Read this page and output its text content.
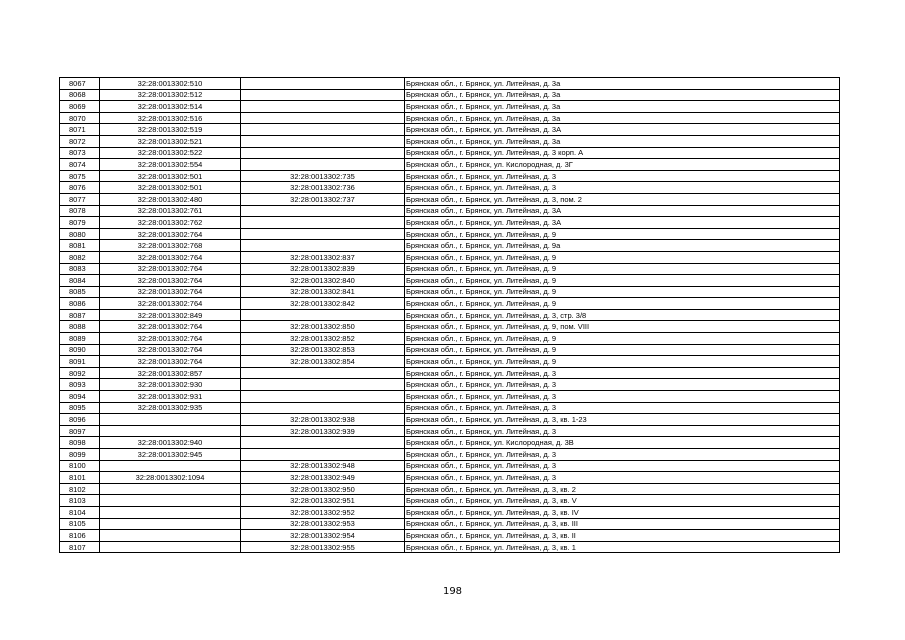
8067	32:28:0013302:510		Брянская обл., г. Брянск, ул. Литейная, д. 3а
8068	32:28:0013302:512		Брянская обл., г. Брянск, ул. Литейная, д. 3а
8069	32:28:0013302:514		Брянская обл., г. Брянск, ул. Литейная, д. 3а
8070	32:28:0013302:516		Брянская обл., г. Брянск, ул. Литейная, д. 3а
8071	32:28:0013302:519		Брянская обл., г. Брянск, ул. Литейная, д. 3А
8072	32:28:0013302:521		Брянская обл., г. Брянск, ул. Литейная, д. 3а
8073	32:28:0013302:522		Брянская обл., г. Брянск, ул. Литейная, д. 3 корп. А
8074	32:28:0013302:554		Брянская обл., г. Брянск, ул. Кислородная, д. 3Г
8075	32:28:0013302:501	32:28:0013302:735	Брянская обл., г. Брянск, ул. Литейная, д. 3
8076	32:28:0013302:501	32:28:0013302:736	Брянская обл., г. Брянск, ул. Литейная, д. 3
8077	32:28:0013302:480	32:28:0013302:737	Брянская обл., г. Брянск, ул. Литейная, д. 3, пом. 2
8078	32:28:0013302:761		Брянская обл., г. Брянск, ул. Литейная, д. 3А
8079	32:28:0013302:762		Брянская обл., г. Брянск, ул. Литейная, д. 3А
8080	32:28:0013302:764		Брянская обл., г. Брянск, ул. Литейная, д. 9
8081	32:28:0013302:768		Брянская обл., г. Брянск, ул. Литейная, д. 9а
8082	32:28:0013302:764	32:28:0013302:837	Брянская обл., г. Брянск, ул. Литейная, д. 9
8083	32:28:0013302:764	32:28:0013302:839	Брянская обл., г. Брянск, ул. Литейная, д. 9
8084	32:28:0013302:764	32:28:0013302:840	Брянская обл., г. Брянск, ул. Литейная, д. 9
8085	32:28:0013302:764	32:28:0013302:841	Брянская обл., г. Брянск, ул. Литейная, д. 9
8086	32:28:0013302:764	32:28:0013302:842	Брянская обл., г. Брянск, ул. Литейная, д. 9
8087	32:28:0013302:849		Брянская обл., г. Брянск, ул. Литейная, д. 3, стр. 3/8
8088	32:28:0013302:764	32:28:0013302:850	Брянская обл., г. Брянск, ул. Литейная, д. 9, пом. VIII
8089	32:28:0013302:764	32:28:0013302:852	Брянская обл., г. Брянск, ул. Литейная, д. 9
8090	32:28:0013302:764	32:28:0013302:853	Брянская обл., г. Брянск, ул. Литейная, д. 9
8091	32:28:0013302:764	32:28:0013302:854	Брянская обл., г. Брянск, ул. Литейная, д. 9
8092	32:28:0013302:857		Брянская обл., г. Брянск, ул. Литейная, д. 3
8093	32:28:0013302:930		Брянская обл., г. Брянск, ул. Литейная, д. 3
8094	32:28:0013302:931		Брянская обл., г. Брянск, ул. Литейная, д. 3
8095	32:28:0013302:935		Брянская обл., г. Брянск, ул. Литейная, д. 3
8096		32:28:0013302:938	Брянская обл., г. Брянск, ул. Литейная, д. 3, кв. 1-23
8097		32:28:0013302:939	Брянская обл., г. Брянск, ул. Литейная, д. 3
8098	32:28:0013302:940		Брянская обл., г. Брянск, ул. Кислородная, д. 3В
8099	32:28:0013302:945		Брянская обл., г. Брянск, ул. Литейная, д. 3
8100		32:28:0013302:948	Брянская обл., г. Брянск, ул. Литейная, д. 3
8101	32:28:0013302:1094	32:28:0013302:949	Брянская обл., г. Брянск, ул. Литейная, д. 3
8102		32:28:0013302:950	Брянская обл., г. Брянск, ул. Литейная, д. 3, кв. 2
8103		32:28:0013302:951	Брянская обл., г. Брянск, ул. Литейная, д. 3, кв. V
8104		32:28:0013302:952	Брянская обл., г. Брянск, ул. Литейная, д. 3, кв. IV
8105		32:28:0013302:953	Брянская обл., г. Брянск, ул. Литейная, д. 3, кв. III
8106		32:28:0013302:954	Брянская обл., г. Брянск, ул. Литейная, д. 3, кв. II
8107		32:28:0013302:955	Брянская обл., г. Брянск, ул. Литейная, д. 3, кв. 1
198
